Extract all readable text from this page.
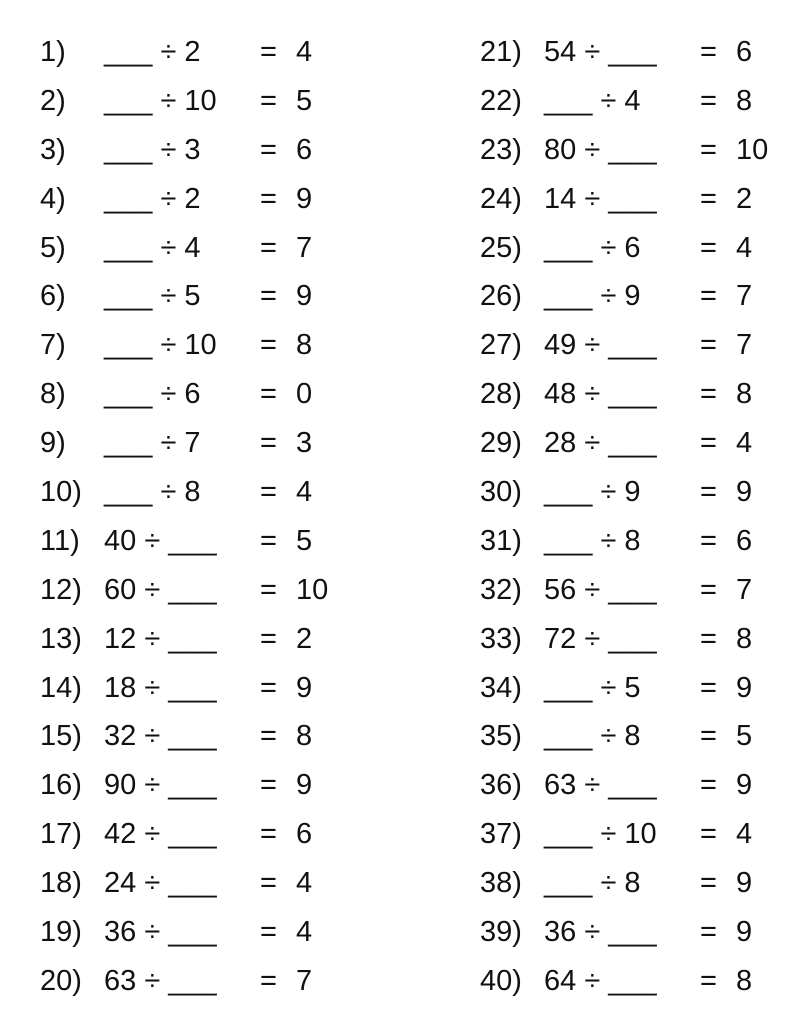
1) ___ ÷ 2 = 4
2) ___ ÷ 10 = 5
3) ___ ÷ 3 = 6
4) ___ ÷ 2 = 9
5) ___ ÷ 4 = 7
6) ___ ÷ 5 = 9
7) ___ ÷ 10 = 8
8) ___ ÷ 6 = 0
9) ___ ÷ 7 = 3
10) ___ ÷ 8 = 4
11) 40 ÷ ___ = 5
12) 60 ÷ ___ = 10
13) 12 ÷ ___ = 2
14) 18 ÷ ___ = 9
15) 32 ÷ ___ = 8
16) 90 ÷ ___ = 9
17) 42 ÷ ___ = 6
18) 24 ÷ ___ = 4
19) 36 ÷ ___ = 4
20) 63 ÷ ___ = 7
21) 54 ÷ ___ = 6
22) ___ ÷ 4 = 8
23) 80 ÷ ___ = 10
24) 14 ÷ ___ = 2
25) ___ ÷ 6 = 4
26) ___ ÷ 9 = 7
27) 49 ÷ ___ = 7
28) 48 ÷ ___ = 8
29) 28 ÷ ___ = 4
30) ___ ÷ 9 = 9
31) ___ ÷ 8 = 6
32) 56 ÷ ___ = 7
33) 72 ÷ ___ = 8
34) ___ ÷ 5 = 9
35) ___ ÷ 8 = 5
36) 63 ÷ ___ = 9
37) ___ ÷ 10 = 4
38) ___ ÷ 8 = 9
39) 36 ÷ ___ = 9
40) 64 ÷ ___ = 8
